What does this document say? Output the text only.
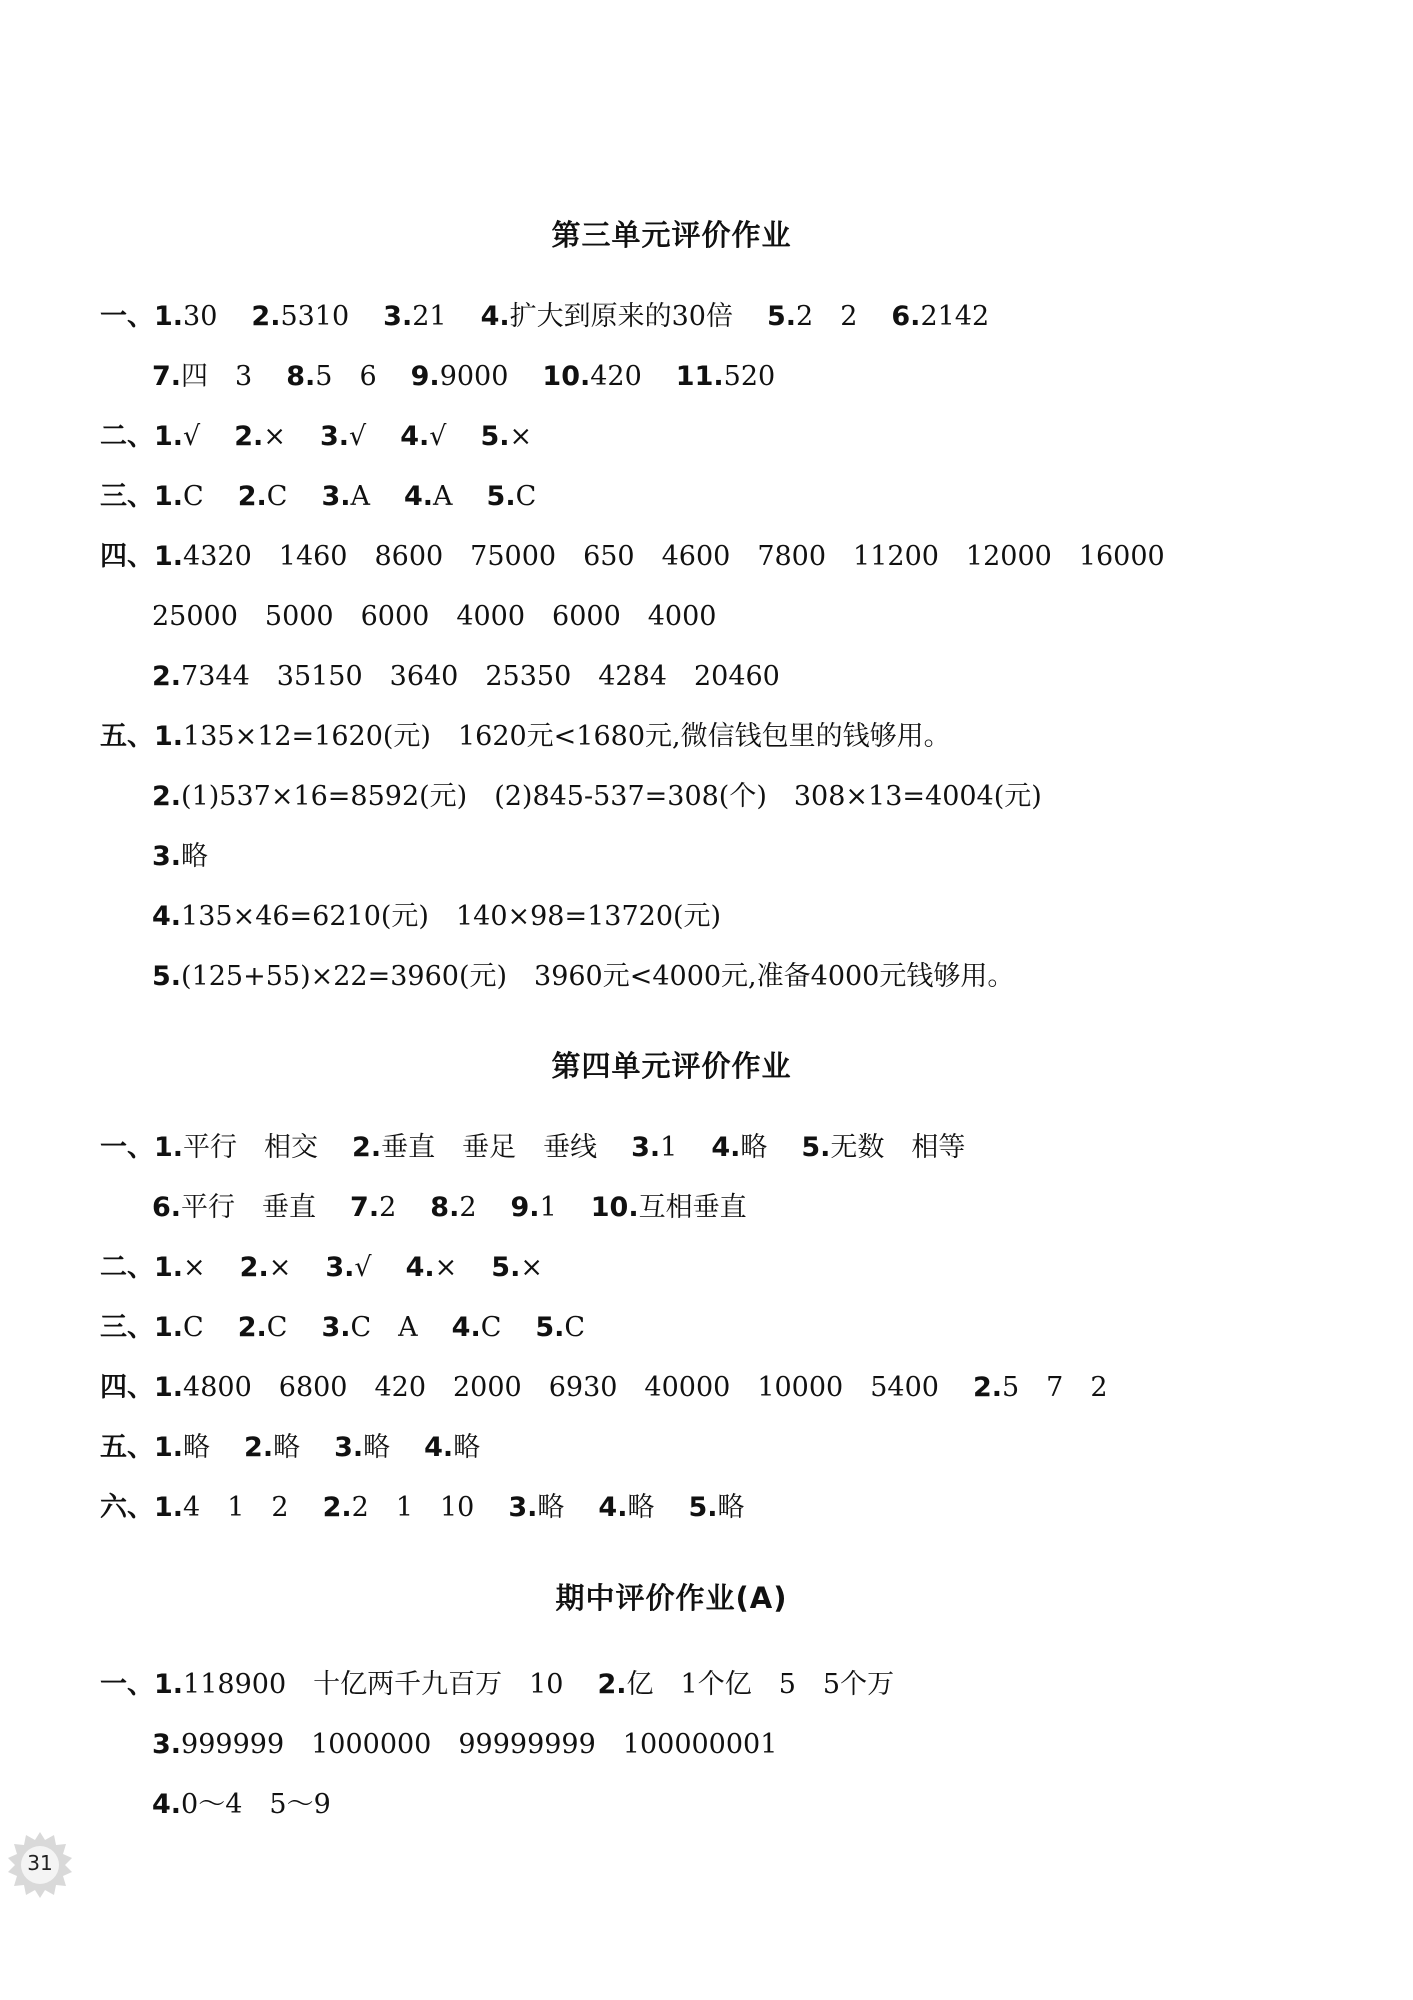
第三单元评价作业
一、1.30 2.5310 3.21 4.扩大到原来的30倍 5.2　2 6.2142
7.四　3 8.5　6 9.9000 10.420 11.520
二、1.√ 2.× 3.√ 4.√ 5.×
三、1.C 2.C 3.A 4.A 5.C
四、1.4320　1460　8600　75000　650　4600　7800　11200　12000　16000
25000　5000　6000　4000　6000　4000
2.7344　35150　3640　25350　4284　20460
五、1.135×12=1620(元)　1620元<1680元,微信钱包里的钱够用。
2.(1)537×16=8592(元)　(2)845-537=308(个)　308×13=4004(元)
3.略
4.135×46=6210(元)　140×98=13720(元)
5.(125+55)×22=3960(元)　3960元<4000元,准备4000元钱够用。
第四单元评价作业
一、1.平行　相交 2.垂直　垂足　垂线 3.1 4.略 5.无数　相等
6.平行　垂直 7.2 8.2 9.1 10.互相垂直
二、1.× 2.× 3.√ 4.× 5.×
三、1.C 2.C 3.C　A 4.C 5.C
四、1.4800　6800　420　2000　6930　40000　10000　5400 2.5　7　2
五、1.略 2.略 3.略 4.略
六、1.4　1　2 2.2　1　10 3.略 4.略 5.略
期中评价作业(A)
一、1.118900　十亿两千九百万　10 2.亿　1个亿　5　5个万
3.999999　1000000　99999999　100000001
4.0～4　5～9
31
